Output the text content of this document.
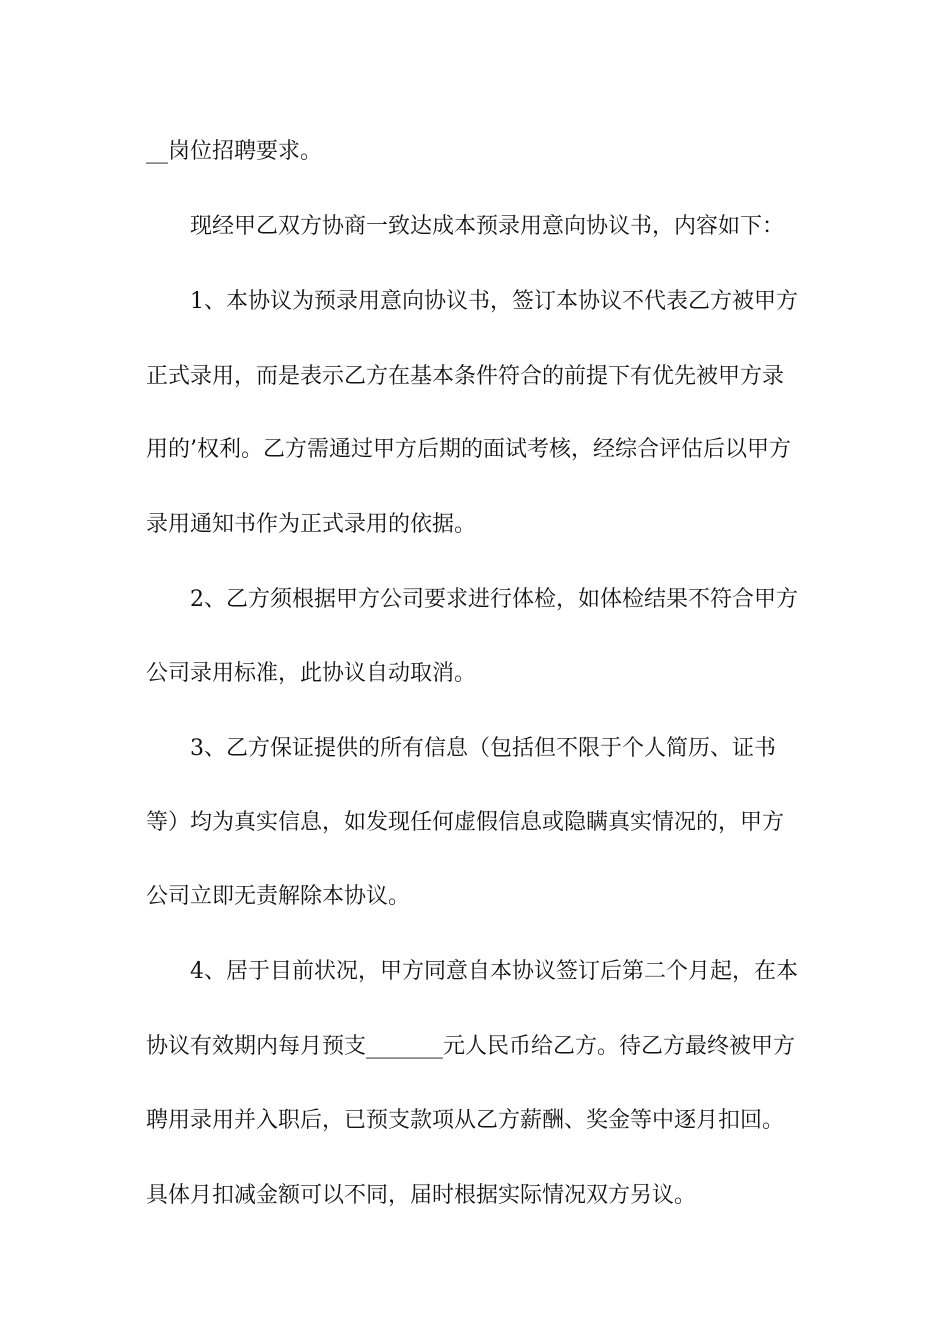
__岗位招聘要求。

现经甲乙双方协商一致达成本预录用意向协议书，内容如下：

1、本协议为预录用意向协议书，签订本协议不代表乙方被甲方

正式录用，而是表示乙方在基本条件符合的前提下有优先被甲方录

用的’权利。乙方需通过甲方后期的面试考核，经综合评估后以甲方

录用通知书作为正式录用的依据。

2、乙方须根据甲方公司要求进行体检，如体检结果不符合甲方

公司录用标准，此协议自动取消。

3、乙方保证提供的所有信息（包括但不限于个人简历、证书

等）均为真实信息，如发现任何虚假信息或隐瞒真实情况的，甲方

公司立即无责解除本协议。

4、居于目前状况，甲方同意自本协议签订后第二个月起，在本

协议有效期内每月预支_______元人民币给乙方。待乙方最终被甲方

聘用录用并入职后，已预支款项从乙方薪酬、奖金等中逐月扣回。

具体月扣减金额可以不同，届时根据实际情况双方另议。
